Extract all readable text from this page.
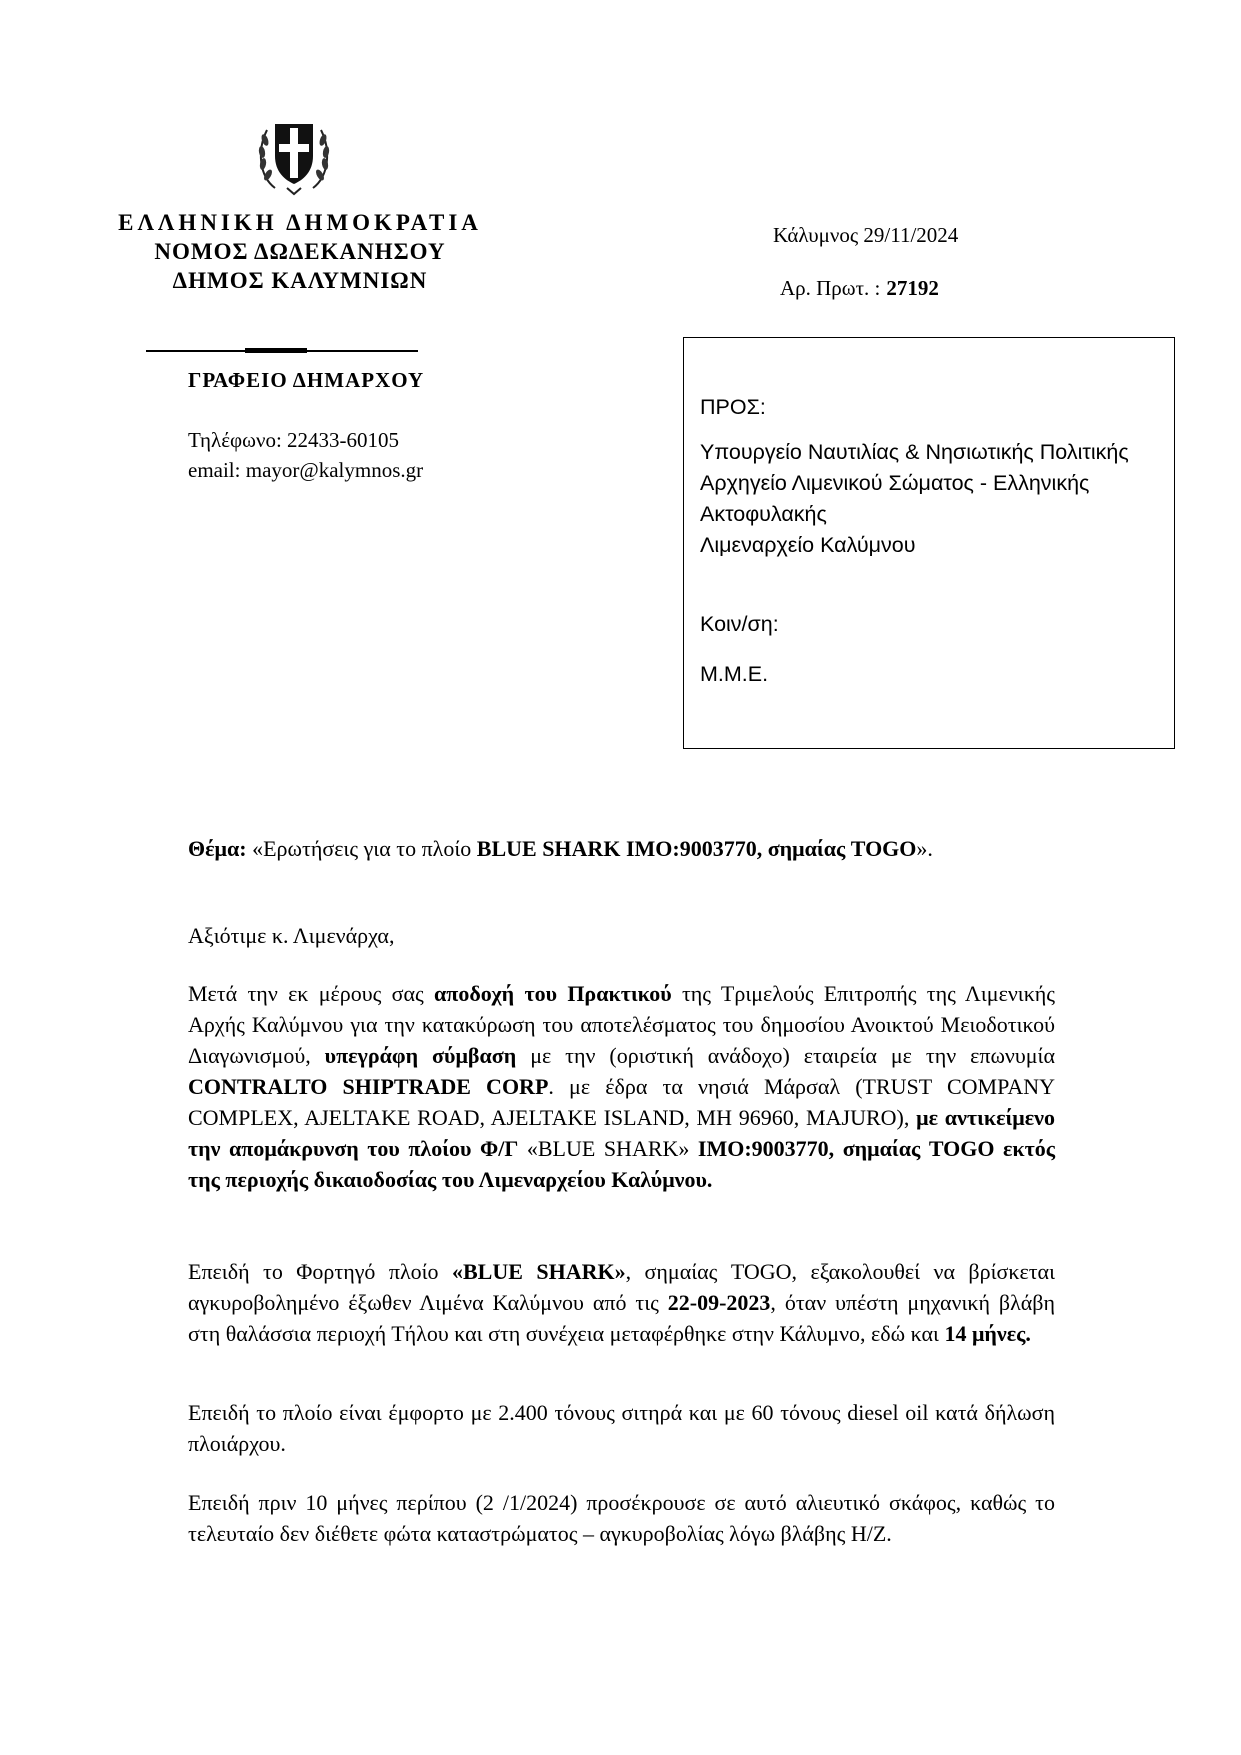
ΕΛΛΗΝΙΚΗ ΔΗΜΟΚΡΑΤΙΑ
ΝΟΜΟΣ ΔΩΔΕΚΑΝΗΣΟΥ
ΔΗΜΟΣ ΚΑΛΥΜΝΙΩΝ
ΓΡΑΦΕΙΟ ΔΗΜΑΡΧΟΥ
Τηλέφωνο: 22433-60105
email: mayor@kalymnos.gr
Κάλυμνος 29/11/2024
Αρ. Πρωτ. : 27192
ΠΡΟΣ:
Υπουργείο Ναυτιλίας & Νησιωτικής Πολιτικής
Αρχηγείο Λιμενικού Σώματος - Ελληνικής Ακτοφυλακής
Λιμεναρχείο Καλύμνου
Κοιν/ση:
Μ.Μ.Ε.
Θέμα: «Ερωτήσεις για το πλοίο BLUE SHARK IMO:9003770, σημαίας TOGO».
Αξιότιμε κ. Λιμενάρχα,
Μετά την εκ μέρους σας αποδοχή του Πρακτικού της Τριμελούς Επιτροπής της Λιμενικής Αρχής Καλύμνου για την κατακύρωση του αποτελέσματος του δημοσίου Ανοικτού Μειοδοτικού Διαγωνισμού, υπεγράφη σύμβαση με την (οριστική ανάδοχο) εταιρεία με την επωνυμία CONTRALTO SHIPTRADE CORP. με έδρα τα νησιά Μάρσαλ (TRUST COMPANY COMPLEX, AJELTAKE ROAD, AJELTAKE ISLAND, MH 96960, MAJURO), με αντικείμενο την απομάκρυνση του πλοίου Φ/Γ «BLUE SHARK» IMO:9003770, σημαίας TOGO εκτός της περιοχής δικαιοδοσίας του Λιμεναρχείου Καλύμνου.
Επειδή το Φορτηγό πλοίο «BLUE SHARK», σημαίας TOGO, εξακολουθεί να βρίσκεται αγκυροβολημένο έξωθεν Λιμένα Καλύμνου από τις 22-09-2023, όταν υπέστη μηχανική βλάβη στη θαλάσσια περιοχή Τήλου και στη συνέχεια μεταφέρθηκε στην Κάλυμνο, εδώ και 14 μήνες.
Επειδή το πλοίο είναι έμφορτο με 2.400 τόνους σιτηρά και με 60 τόνους diesel oil κατά δήλωση πλοιάρχου.
Επειδή πριν 10 μήνες περίπου (2 /1/2024) προσέκρουσε σε αυτό αλιευτικό σκάφος, καθώς το τελευταίο δεν διέθετε φώτα καταστρώματος – αγκυροβολίας λόγω βλάβης Η/Ζ.
